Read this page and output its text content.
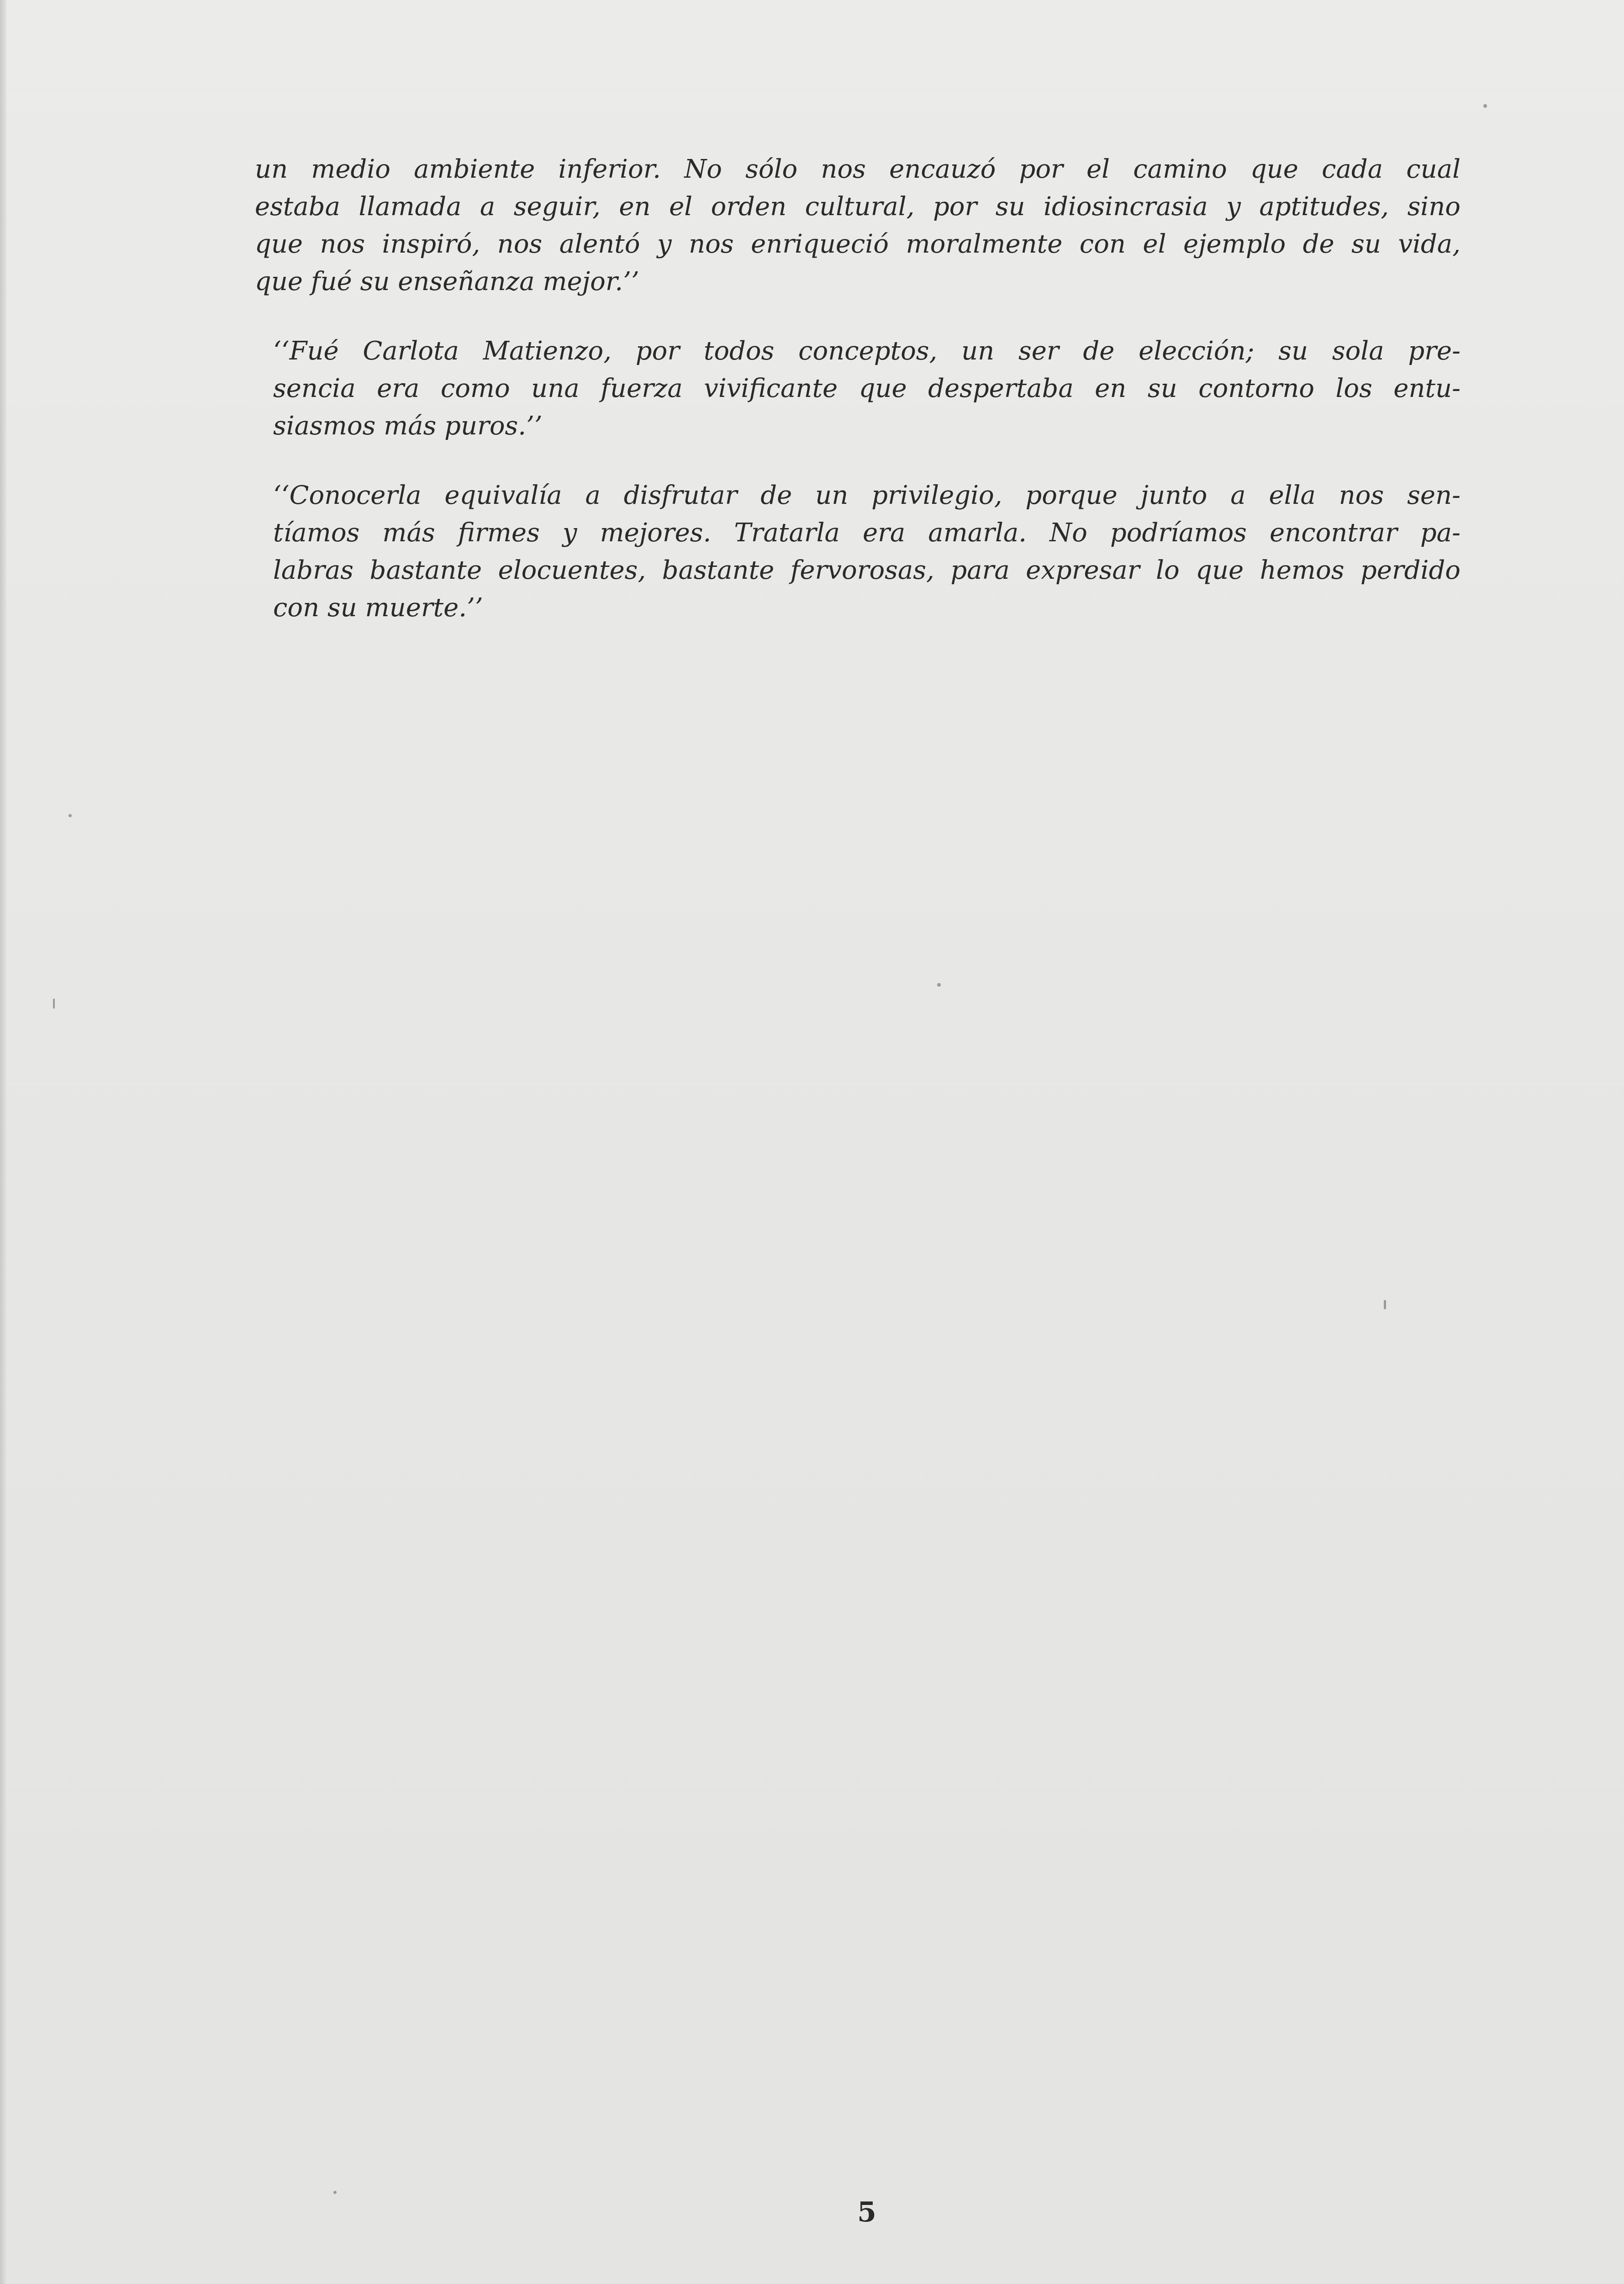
un medio ambiente inferior. No sólo nos encauzó por el camino que cada cual
estaba llamada a seguir, en el orden cultural, por su idiosincrasia y aptitudes, sino
que nos inspiró, nos alentó y nos enriqueció moralmente con el ejemplo de su vida,
que fué su enseñanza mejor.’’
‘‘Fué Carlota Matienzo, por todos conceptos, un ser de elección; su sola pre-
sencia era como una fuerza vivificante que despertaba en su contorno los entu-
siasmos más puros.’’
‘‘Conocerla equivalía a disfrutar de un privilegio, porque junto a ella nos sen-
tíamos más firmes y mejores. Tratarla era amarla. No podríamos encontrar pa-
labras bastante elocuentes, bastante fervorosas, para expresar lo que hemos perdido
con su muerte.’’
5
